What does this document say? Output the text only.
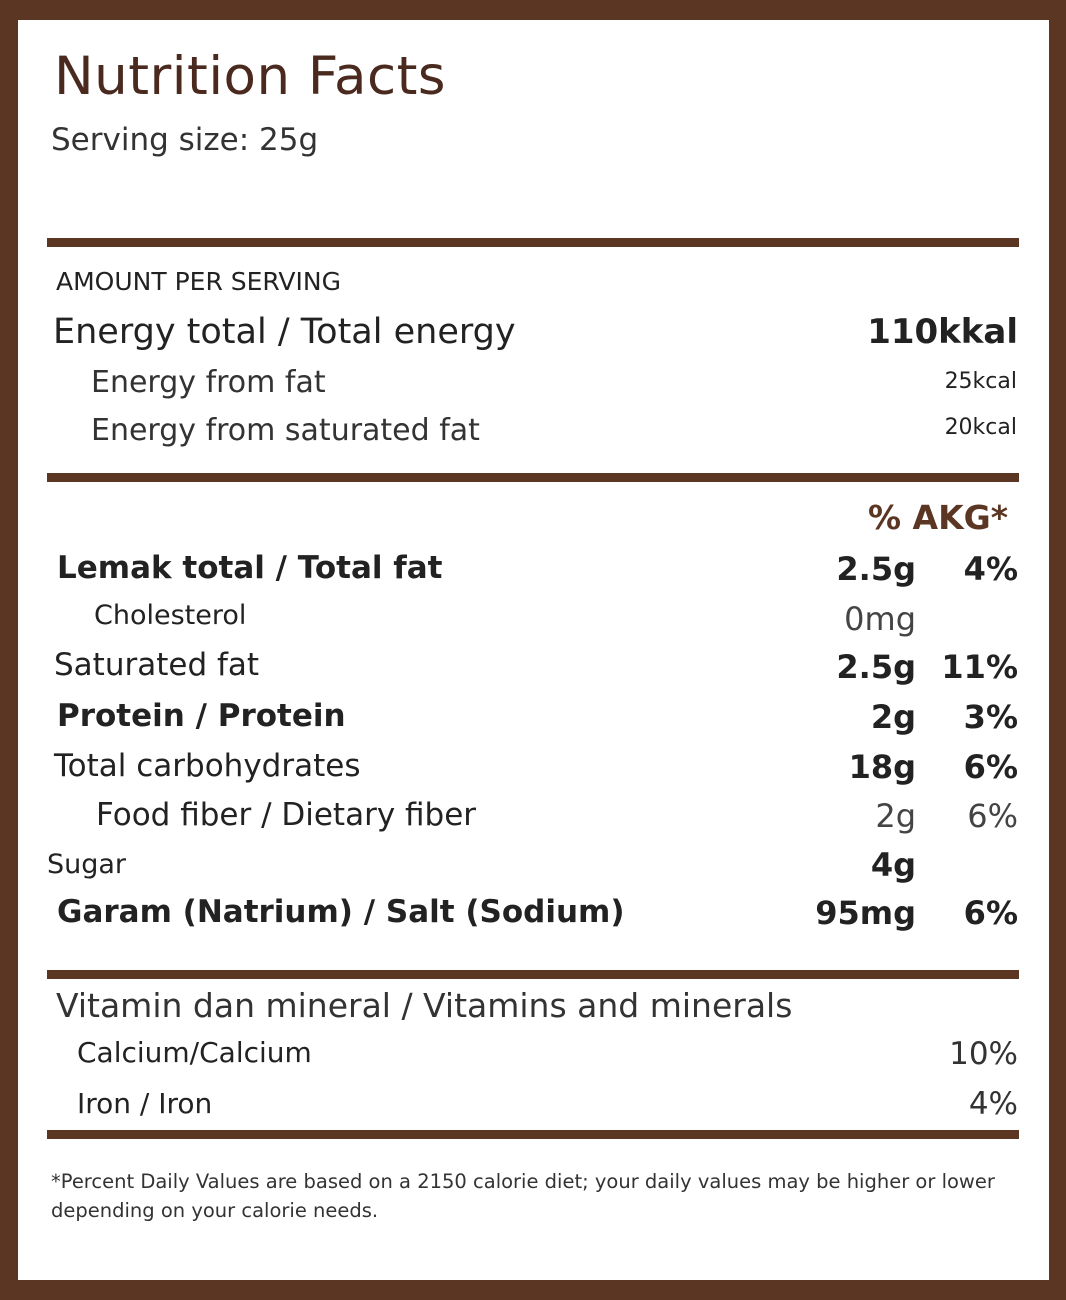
Nutrition Facts
Serving size: 25g
AMOUNT PER SERVING
Energy total / Total energy	110kkal
Energy from fat	25kcal
Energy from saturated fat	20kcal
% AKG*
Lemak total / Total fat	2.5g 4%
Cholesterol	0mg
Saturated fat	2.5g 11%
Protein / Protein	2g 3%
Total carbohydrates	18g 6%
Food fiber / Dietary fiber	2g 6%
Sugar	4g
Garam (Natrium) / Salt (Sodium)	95mg 6%
Vitamin dan mineral / Vitamins and minerals
Calcium/Calcium	10%
Iron / Iron	4%
*Percent Daily Values are based on a 2150 calorie diet; your daily values may be higher or lower depending on your calorie needs.
